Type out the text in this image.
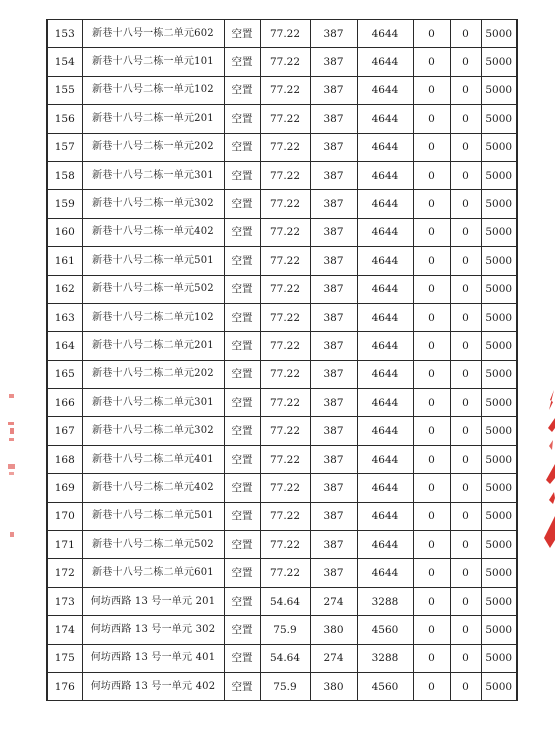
153	新巷十八号一栋二单元602	空置	77.22	387	4644	0	0	5000
154	新巷十八号二栋一单元101	空置	77.22	387	4644	0	0	5000
155	新巷十八号二栋一单元102	空置	77.22	387	4644	0	0	5000
156	新巷十八号二栋一单元201	空置	77.22	387	4644	0	0	5000
157	新巷十八号二栋一单元202	空置	77.22	387	4644	0	0	5000
158	新巷十八号二栋一单元301	空置	77.22	387	4644	0	0	5000
159	新巷十八号二栋一单元302	空置	77.22	387	4644	0	0	5000
160	新巷十八号二栋一单元402	空置	77.22	387	4644	0	0	5000
161	新巷十八号二栋一单元501	空置	77.22	387	4644	0	0	5000
162	新巷十八号二栋一单元502	空置	77.22	387	4644	0	0	5000
163	新巷十八号二栋二单元102	空置	77.22	387	4644	0	0	5000
164	新巷十八号二栋二单元201	空置	77.22	387	4644	0	0	5000
165	新巷十八号二栋二单元202	空置	77.22	387	4644	0	0	5000
166	新巷十八号二栋二单元301	空置	77.22	387	4644	0	0	5000
167	新巷十八号二栋二单元302	空置	77.22	387	4644	0	0	5000
168	新巷十八号二栋二单元401	空置	77.22	387	4644	0	0	5000
169	新巷十八号二栋二单元402	空置	77.22	387	4644	0	0	5000
170	新巷十八号二栋二单元501	空置	77.22	387	4644	0	0	5000
171	新巷十八号二栋二单元502	空置	77.22	387	4644	0	0	5000
172	新巷十八号二栋二单元601	空置	77.22	387	4644	0	0	5000
173	何坊西路 13 号一单元 201	空置	54.64	274	3288	0	0	5000
174	何坊西路 13 号一单元 302	空置	75.9	380	4560	0	0	5000
175	何坊西路 13 号一单元 401	空置	54.64	274	3288	0	0	5000
176	何坊西路 13 号一单元 402	空置	75.9	380	4560	0	0	5000
